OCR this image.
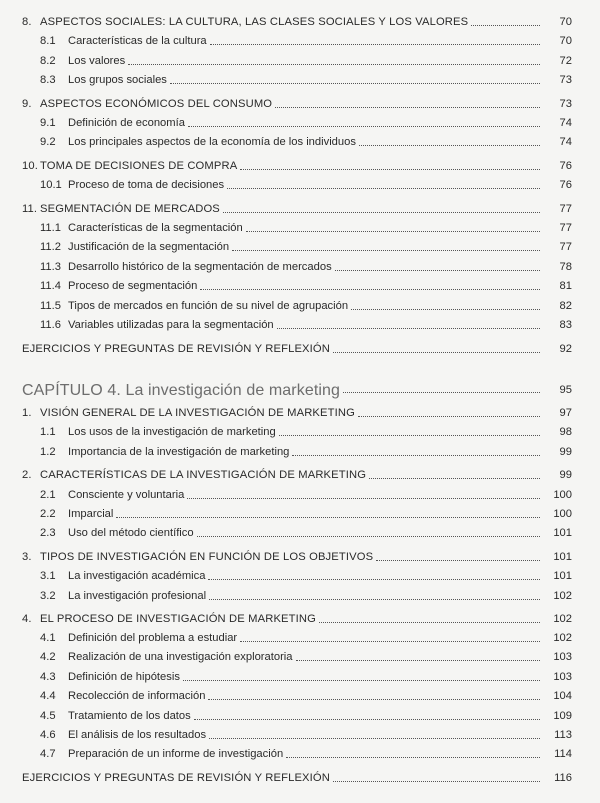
8. ASPECTOS SOCIALES: LA CULTURA, LAS CLASES SOCIALES Y LOS VALORES	70
8.1	Características de la cultura	70
8.2	Los valores	72
8.3	Los grupos sociales	73
9. ASPECTOS ECONÓMICOS DEL CONSUMO	73
9.1	Definición de economía	74
9.2	Los principales aspectos de la economía de los individuos	74
10. TOMA DE DECISIONES DE COMPRA	76
10.1 Proceso de toma de decisiones	76
11. SEGMENTACIÓN DE MERCADOS	77
11.1 Características de la segmentación	77
11.2 Justificación de la segmentación	77
11.3 Desarrollo histórico de la segmentación de mercados	78
11.4 Proceso de segmentación	81
11.5 Tipos de mercados en función de su nivel de agrupación	82
11.6 Variables utilizadas para la segmentación	83
EJERCICIOS Y PREGUNTAS DE REVISIÓN Y REFLEXIÓN	92
CAPÍTULO 4. La investigación de marketing	95
1. VISIÓN GENERAL DE LA INVESTIGACIÓN DE MARKETING	97
1.1	Los usos de la investigación de marketing	98
1.2	Importancia de la investigación de marketing	99
2. CARACTERÍSTICAS DE LA INVESTIGACIÓN DE MARKETING	99
2.1	Consciente y voluntaria	100
2.2	Imparcial	100
2.3	Uso del método científico	101
3. TIPOS DE INVESTIGACIÓN EN FUNCIÓN DE LOS OBJETIVOS	101
3.1	La investigación académica	101
3.2	La investigación profesional	102
4. EL PROCESO DE INVESTIGACIÓN DE MARKETING	102
4.1	Definición del problema a estudiar	102
4.2	Realización de una investigación exploratoria	103
4.3	Definición de hipótesis	103
4.4	Recolección de información	104
4.5	Tratamiento de los datos	109
4.6	El análisis de los resultados	113
4.7	Preparación de un informe de investigación	114
EJERCICIOS Y PREGUNTAS DE REVISIÓN Y REFLEXIÓN	116
